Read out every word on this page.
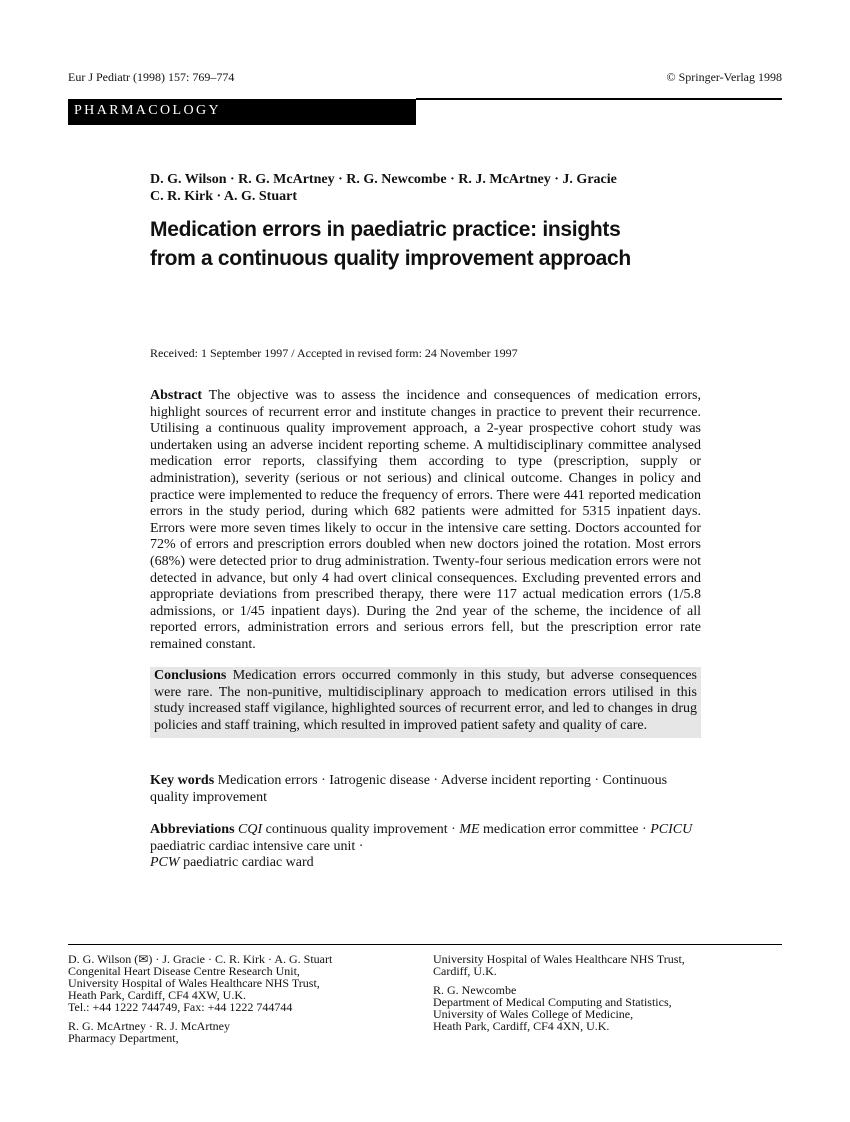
Eur J Pediatr (1998) 157: 769–774	© Springer-Verlag 1998
PHARMACOLOGY
D. G. Wilson · R. G. McArtney · R. G. Newcombe · R. J. McArtney · J. Gracie
C. R. Kirk · A. G. Stuart
Medication errors in paediatric practice: insights
from a continuous quality improvement approach
Received: 1 September 1997 / Accepted in revised form: 24 November 1997
Abstract The objective was to assess the incidence and consequences of medication errors, highlight sources of recurrent error and institute changes in practice to prevent their recurrence. Utilising a continuous quality improvement approach, a 2-year prospective cohort study was undertaken using an adverse incident reporting scheme. A multidisciplinary committee analysed medication error reports, classifying them according to type (prescription, supply or administration), severity (serious or not serious) and clinical outcome. Changes in policy and practice were implemented to reduce the frequency of errors. There were 441 reported medication errors in the study period, during which 682 patients were admitted for 5315 inpatient days. Errors were more seven times likely to occur in the intensive care setting. Doctors accounted for 72% of errors and prescription errors doubled when new doctors joined the rotation. Most errors (68%) were detected prior to drug administration. Twenty-four serious medication errors were not detected in advance, but only 4 had overt clinical consequences. Excluding prevented errors and appropriate deviations from prescribed therapy, there were 117 actual medication errors (1/5.8 admissions, or 1/45 inpatient days). During the 2nd year of the scheme, the incidence of all reported errors, administration errors and serious errors fell, but the prescription error rate remained constant.
Conclusions Medication errors occurred commonly in this study, but adverse consequences were rare. The non-punitive, multidisciplinary approach to medication errors utilised in this study increased staff vigilance, highlighted sources of recurrent error, and led to changes in drug policies and staff training, which resulted in improved patient safety and quality of care.
Key words Medication errors · Iatrogenic disease · Adverse incident reporting · Continuous quality improvement
Abbreviations CQI continuous quality improvement · ME medication error committee · PCICU paediatric cardiac intensive care unit ·
PCW paediatric cardiac ward
D. G. Wilson (✉) · J. Gracie · C. R. Kirk · A. G. Stuart
Congenital Heart Disease Centre Research Unit,
University Hospital of Wales Healthcare NHS Trust,
Heath Park, Cardiff, CF4 4XW, U.K.
Tel.: +44 1222 744749, Fax: +44 1222 744744
R. G. McArtney · R. J. McArtney
Pharmacy Department,
University Hospital of Wales Healthcare NHS Trust,
Cardiff, U.K.
R. G. Newcombe
Department of Medical Computing and Statistics,
University of Wales College of Medicine,
Heath Park, Cardiff, CF4 4XN, U.K.
